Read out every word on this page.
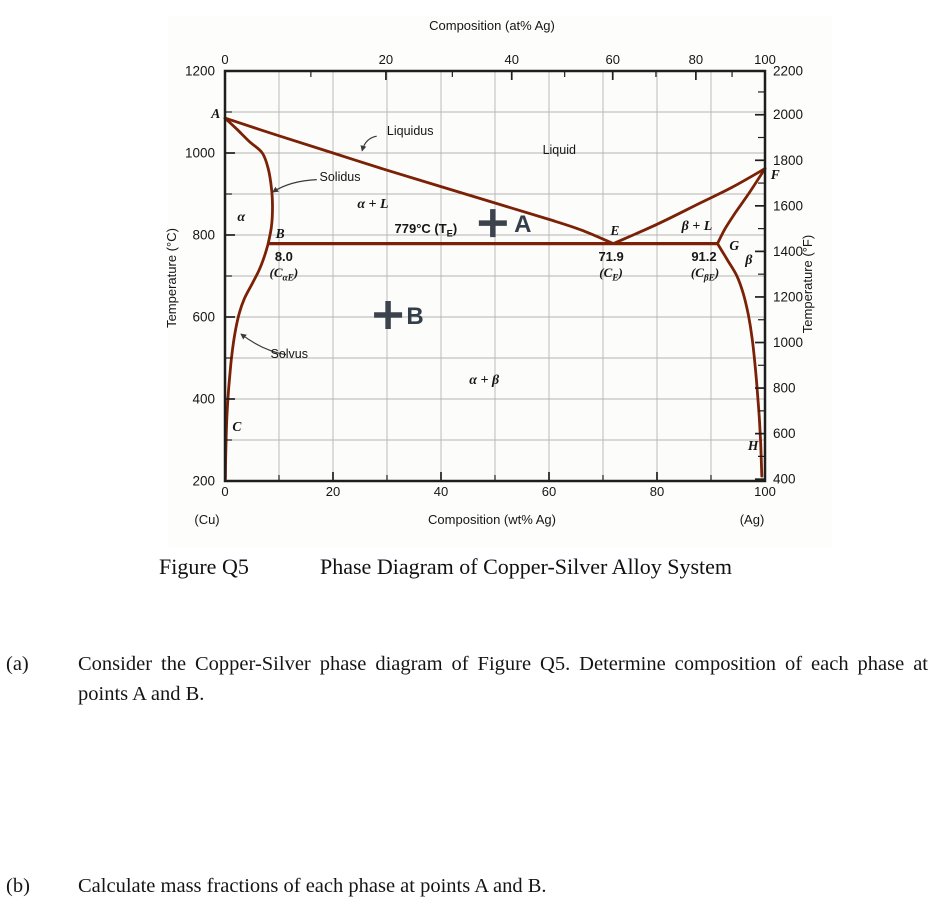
0	20	40	60	80	100
0	20	40	60	80	100
200
400
600
800
1000
1200
400
600
800
1000
1200
1400
1600
1800
2000
2200
Composition (at% Ag)
Composition (wt% Ag)
(Cu)	(Ag)
Temperature (°C)	Temperature (°F)
Liquidus
Liquid
Solidus
α + L
779°C $(T_E)$
α
B
8.0
$(C_{\alpha E})$
E
71.9
$(C_E)$
β + L
91.2
$(C_{\beta E})$
G
β
F
A
Solvus
C
α + β
H
A
B
Figure Q5	Phase Diagram of Copper-Silver Alloy System
(a)	Consider the Copper-Silver phase diagram of Figure Q5. Determine composition of each phase at points A and B.

(b)	Calculate mass fractions of each phase at points A and B.
